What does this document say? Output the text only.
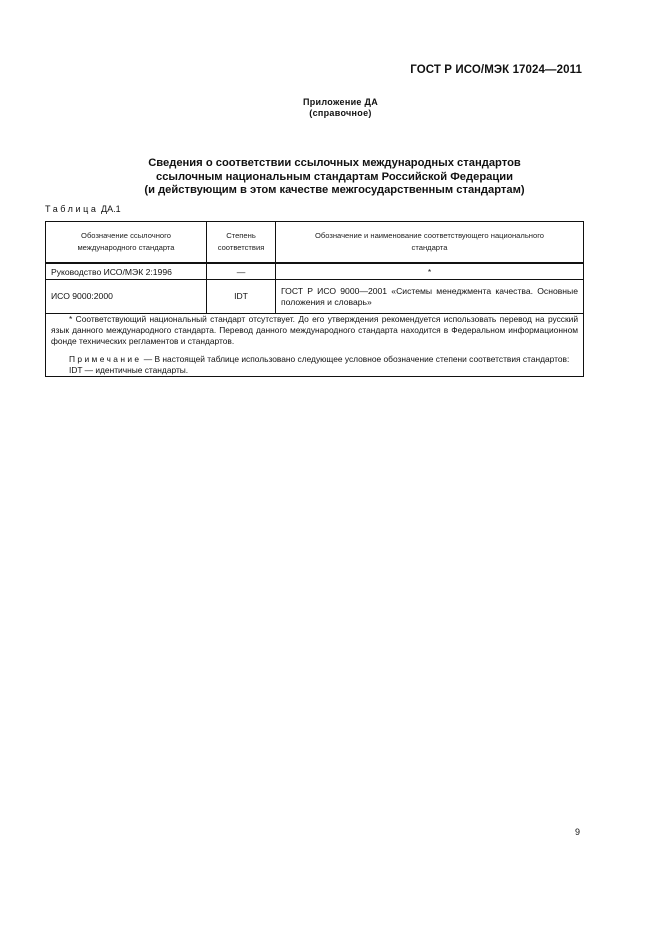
ГОСТ Р ИСО/МЭК 17024—2011
Приложение ДА
(справочное)
Сведения о соответствии ссылочных международных стандартов
ссылочным национальным стандартам Российской Федерации
(и действующим в этом качестве межгосударственным стандартам)
Таблица ДА.1
Обозначение ссылочного международного стандарта	Степень соответствия	Обозначение и наименование соответствующего национального стандарта
Руководство ИСО/МЭК 2:1996	—	*
ИСО 9000:2000	IDT	ГОСТ Р ИСО 9000—2001 «Системы менеджмента качества. Основные положения и словарь»

* Соответствующий национальный стандарт отсутствует. До его утверждения рекомендуется использовать перевод на русский язык данного международного стандарта. Перевод данного международного стандарта находится в Федеральном информационном фонде технических регламентов и стандартов.

Примечание — В настоящей таблице использовано следующее условное обозначение степени соответствия стандартов:

IDT — идентичные стандарты.		

9
